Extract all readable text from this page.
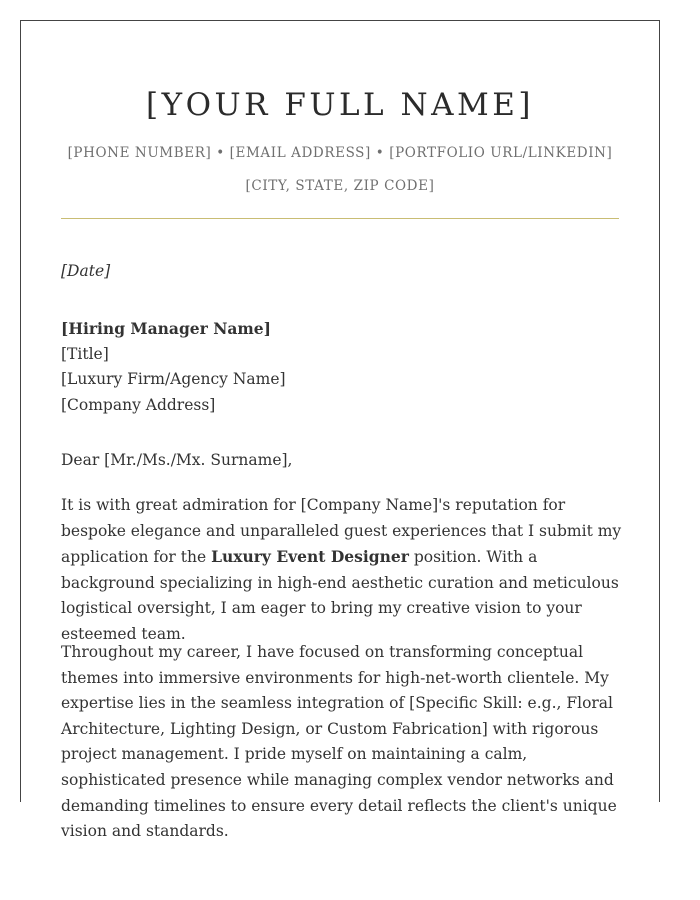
[YOUR FULL NAME]
[PHONE NUMBER] • [EMAIL ADDRESS] • [PORTFOLIO URL/LINKEDIN]
[CITY, STATE, ZIP CODE]
[Date]
[Hiring Manager Name]
[Title]
[Luxury Firm/Agency Name]
[Company Address]
Dear [Mr./Ms./Mx. Surname],

It is with great admiration for [Company Name]'s reputation for bespoke elegance and unparalleled guest experiences that I submit my application for the Luxury Event Designer position. With a background specializing in high-end aesthetic curation and meticulous logistical oversight, I am eager to bring my creative vision to your esteemed team.

Throughout my career, I have focused on transforming conceptual themes into immersive environments for high-net-worth clientele. My expertise lies in the seamless integration of [Specific Skill: e.g., Floral Architecture, Lighting Design, or Custom Fabrication] with rigorous project management. I pride myself on maintaining a calm, sophisticated presence while managing complex vendor networks and demanding timelines to ensure every detail reflects the client's unique vision and standards.
